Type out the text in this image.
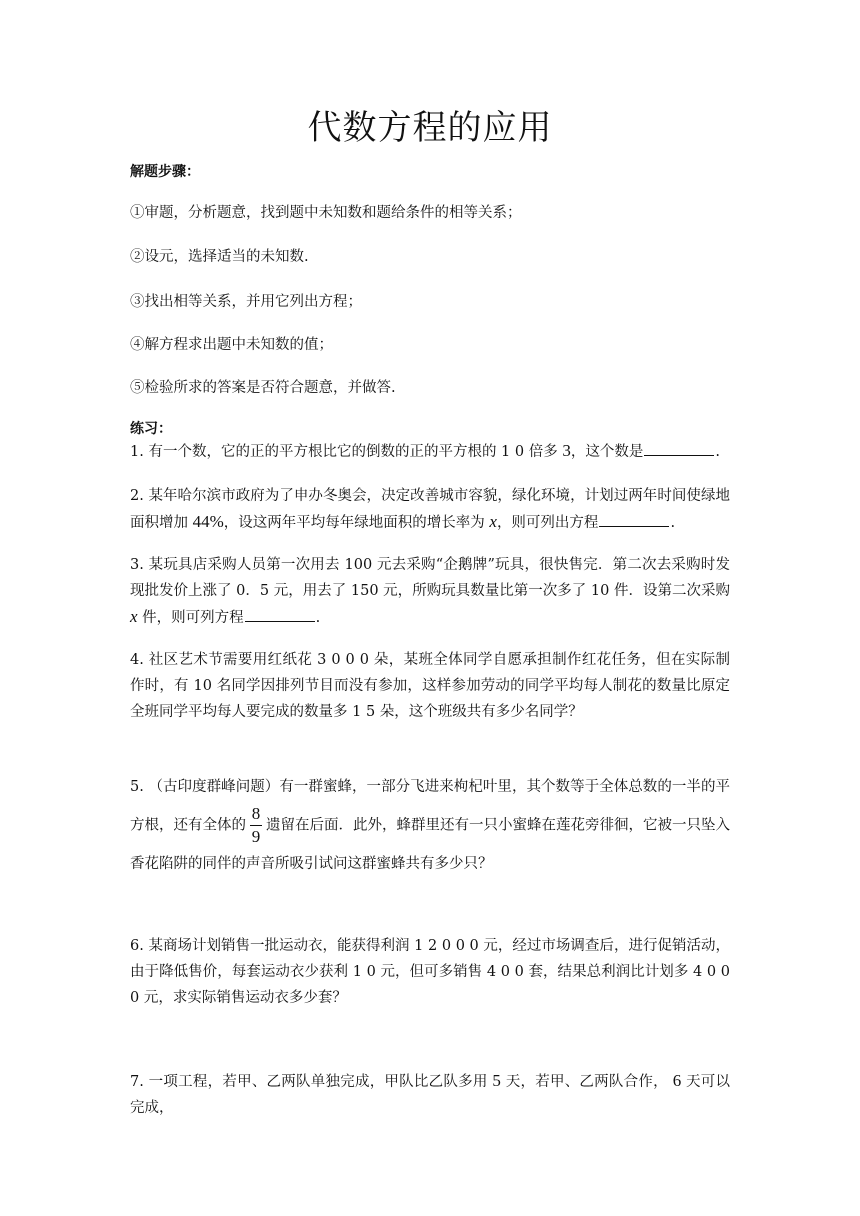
代数方程的应用
解题步骤：
①审题，分析题意，找到题中未知数和题给条件的相等关系；
②设元，选择适当的未知数.
③找出相等关系，并用它列出方程；
④解方程求出题中未知数的值；
⑤检验所求的答案是否符合题意，并做答.
练习：
1. 有一个数，它的正的平方根比它的倒数的正的平方根的 1 0 倍多 3，这个数是	.
2. 某年哈尔滨市政府为了申办冬奥会，决定改善城市容貌，绿化环境，计划过两年时间使绿地面积增加 44%，设这两年平均每年绿地面积的增长率为 x，则可列出方程	.
3. 某玩具店采购人员第一次用去 100 元去采购“企鹅牌”玩具，很快售完．第二次去采购时发现批发价上涨了 0．5 元，用去了 150 元，所购玩具数量比第一次多了 10 件．设第二次采购 x 件，则可列方程	.
4. 社区艺术节需要用红纸花 3 0 0 0 朵，某班全体同学自愿承担制作红花任务，但在实际制作时，有 10 名同学因排列节目而没有参加，这样参加劳动的同学平均每人制花的数量比原定全班同学平均每人要完成的数量多 1 5 朵，这个班级共有多少名同学？
5. （古印度群峰问题）有一群蜜蜂，一部分飞进来枸杞叶里，其个数等于全体总数的一半的平方根，还有全体的 $\frac{8}{9}$ 遗留在后面．此外，蜂群里还有一只小蜜蜂在莲花旁徘徊，它被一只坠入香花陷阱的同伴的声音所吸引试问这群蜜蜂共有多少只？
6. 某商场计划销售一批运动衣，能获得利润 1 2 0 0 0 元，经过市场调查后，进行促销活动，由于降低售价，每套运动衣少获利 1 0 元，但可多销售 4 0 0 套，结果总利润比计划多 4 0 0 0 元，求实际销售运动衣多少套？
7. 一项工程，若甲、乙两队单独完成，甲队比乙队多用 5 天，若甲、乙两队合作， 6 天可以完成，
